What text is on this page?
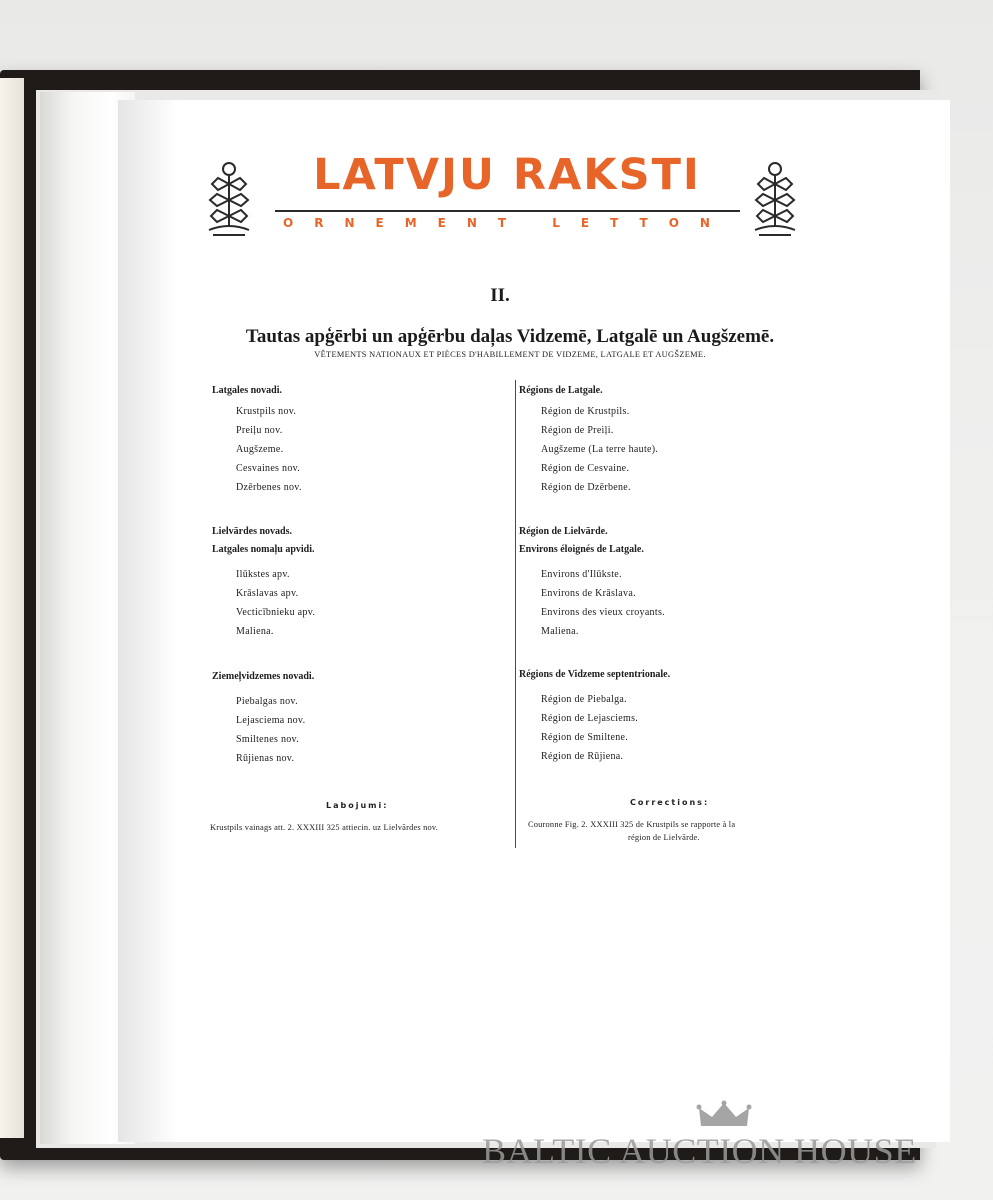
LATVJU RAKSTI
ORNEMENT LETTON
II.
Tautas apģērbi un apģērbu daļas Vidzemē, Latgalē un Augšzemē.
VÊTEMENTS NATIONAUX ET PIÈCES D'HABILLEMENT DE VIDZEME, LATGALE ET AUGŠZEME.
Latgales novadi.
Krustpils nov.
Preiļu nov.
Augšzeme.
Cesvaines nov.
Dzērbenes nov.
Lielvārdes novads.
Latgales nomaļu apvidi.
Ilūkstes apv.
Krāslavas apv.
Vecticībnieku apv.
Maliena.
Ziemeļvidzemes novadi.
Piebalgas nov.
Lejasciema nov.
Smiltenes nov.
Rūjienas nov.
Régions de Latgale.
Région de Krustpils.
Région de Preiļi.
Augšzeme (La terre haute).
Région de Cesvaine.
Région de Dzērbene.
Région de Lielvārde.
Environs éloignés de Latgale.
Environs d'Ilūkste.
Environs de Krāslava.
Environs des vieux croyants.
Maliena.
Régions de Vidzeme septentrionale.
Région de Piebalga.
Région de Lejasciems.
Région de Smiltene.
Région de Rūjiena.
Labojumi:
Krustpils vainags att. 2. XXXIII 325 attiecin. uz Lielvārdes nov.
Corrections:
Couronne Fig. 2. XXXIII 325 de Krustpils se rapporte à la
région de Lielvārde.
BALTIC AUCTION HOUSE
